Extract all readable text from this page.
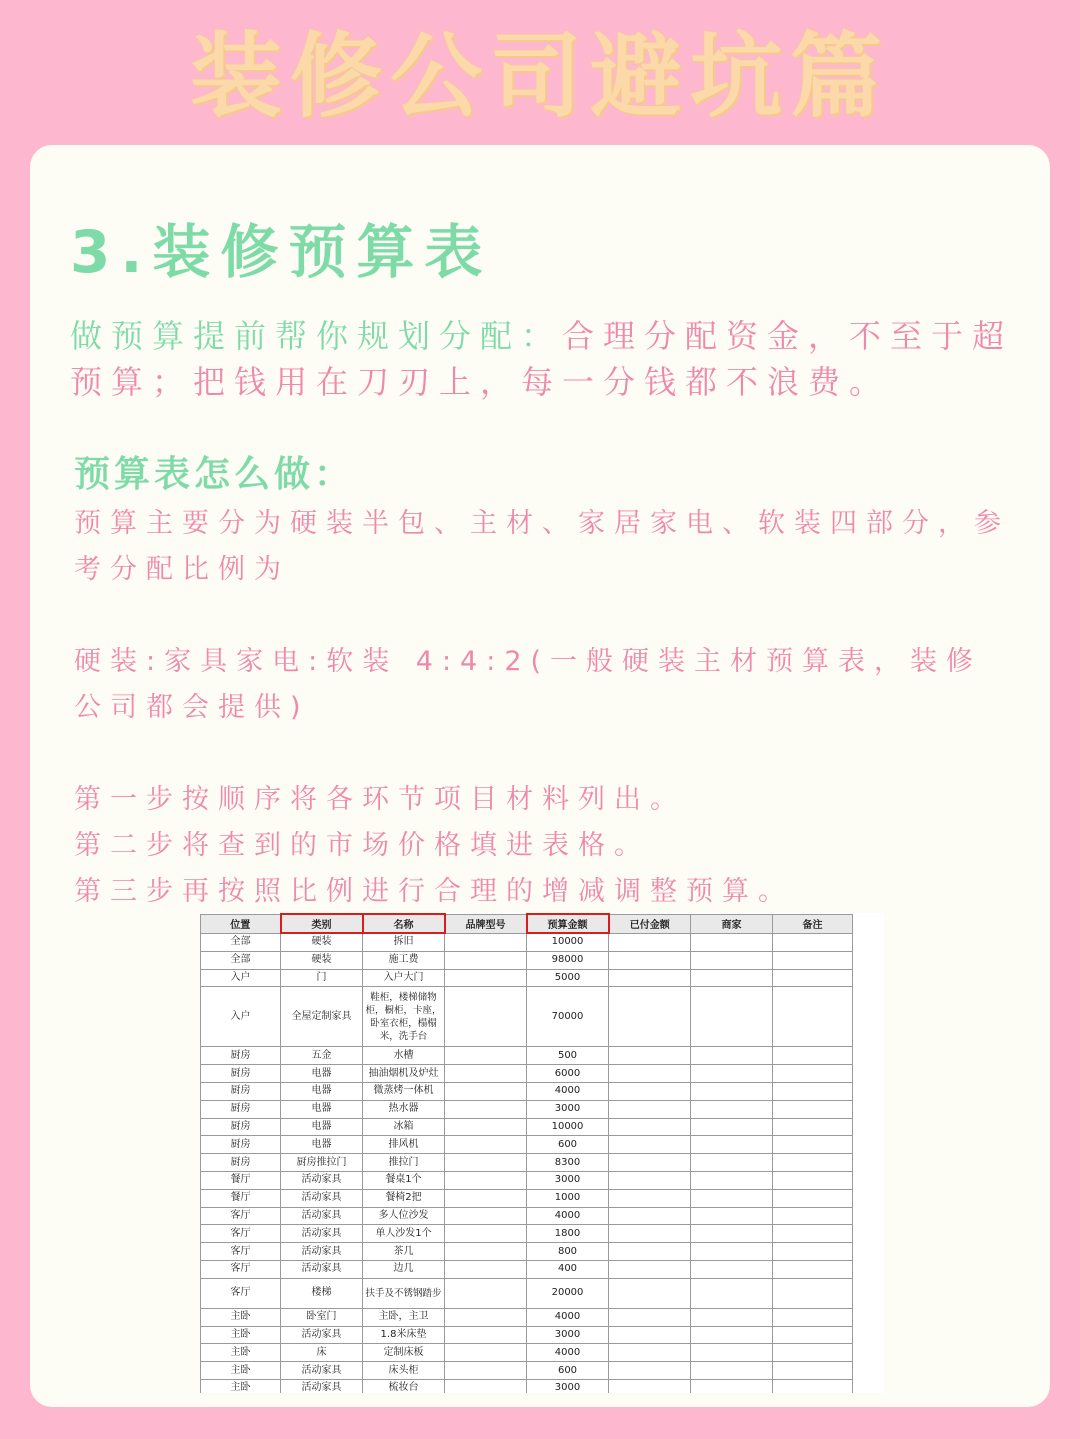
装修公司避坑篇
3.装修预算表
做预算提前帮你规划分配：合理分配资金，不至于超预算；把钱用在刀刃上，每一分钱都不浪费。
预算表怎么做：
预算主要分为硬装半包、主材、家居家电、软装四部分，参考分配比例为
硬装:家具家电:软装 4:4:2(一般硬装主材预算表，装修公司都会提供)
第一步按顺序将各环节项目材料列出。
第二步将查到的市场价格填进表格。
第三步再按照比例进行合理的增减调整预算。
位置	类别	名称	品牌型号	预算金额	已付金额	商家	备注
全部	硬装	拆旧		10000			
全部	硬装	施工费		98000			
入户	门	入户大门		5000			
入户	全屋定制家具	鞋柜，楼梯储物柜，橱柜，卡座，卧室衣柜，榻榻米，洗手台		70000			
厨房	五金	水槽		500			
厨房	电器	抽油烟机及炉灶		6000			
厨房	电器	微蒸烤一体机		4000			
厨房	电器	热水器		3000			
厨房	电器	冰箱		10000			
厨房	电器	排风机		600			
厨房	厨房推拉门	推拉门		8300			
餐厅	活动家具	餐桌1个		3000			
餐厅	活动家具	餐椅2把		1000			
客厅	活动家具	多人位沙发		4000			
客厅	活动家具	单人沙发1个		1800			
客厅	活动家具	茶几		800			
客厅	活动家具	边几		400			
客厅	楼梯	扶手及不锈钢踏步		20000			
主卧	卧室门	主卧，主卫		4000			
主卧	活动家具	1.8米床垫		3000			
主卧	床	定制床板		4000			
主卧	活动家具	床头柜		600			
主卧	活动家具	梳妆台		3000			
